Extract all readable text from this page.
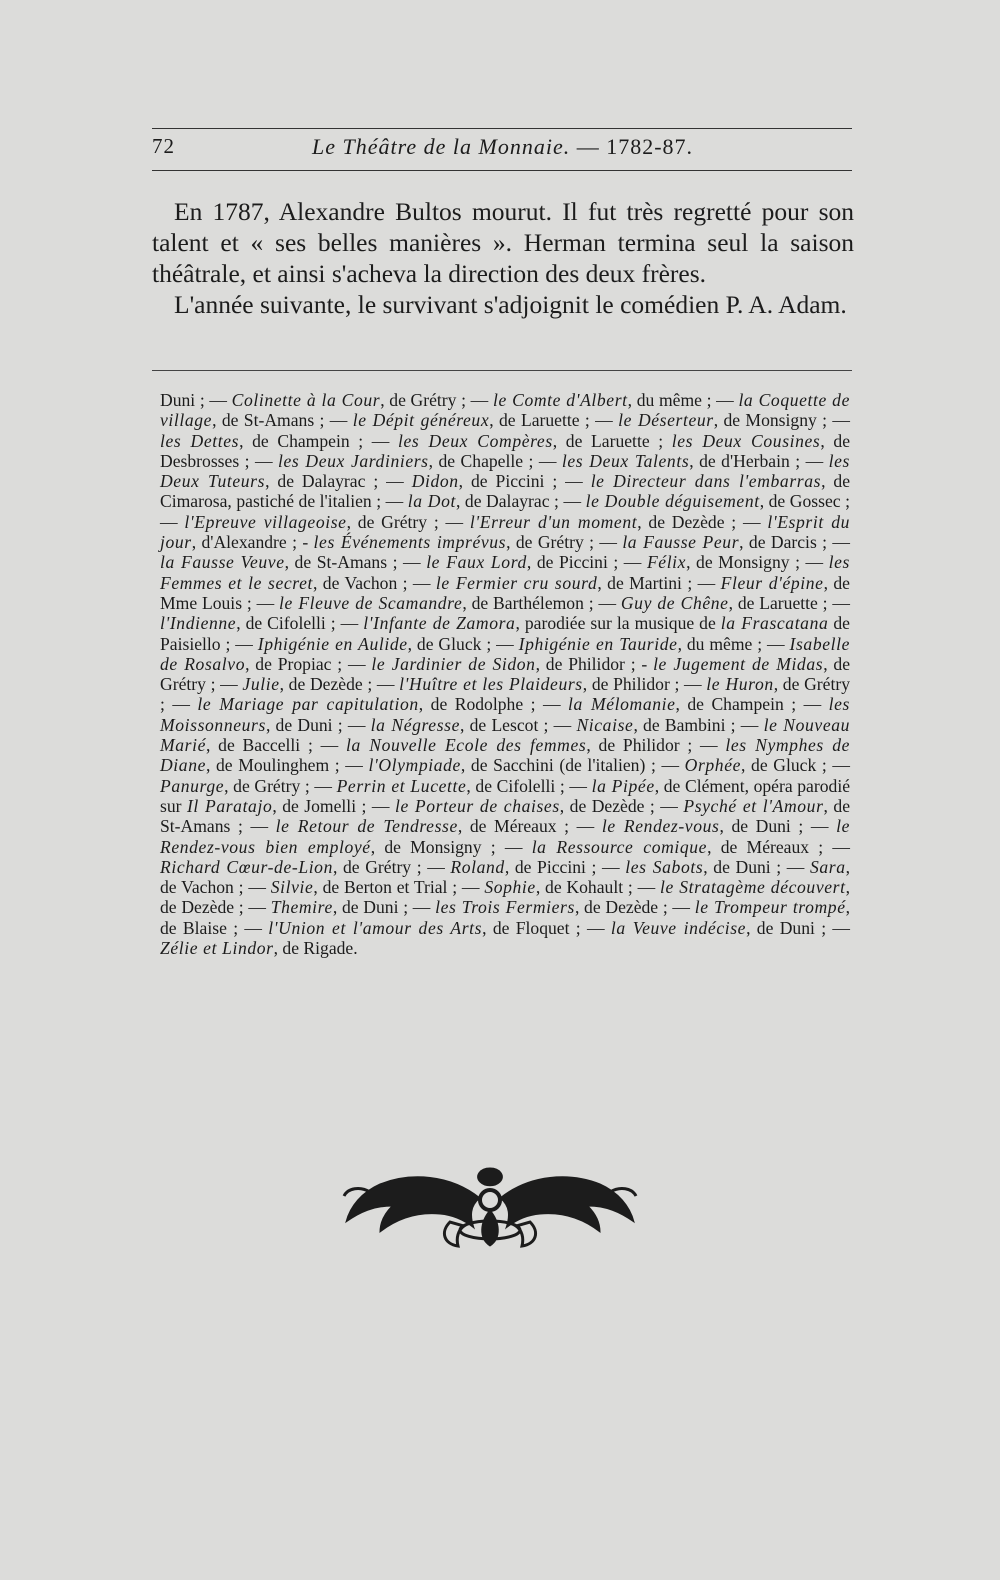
72	Le Théâtre de la Monnaie. — 1782-87.

En 1787, Alexandre Bultos mourut. Il fut très regretté pour son talent et « ses belles manières ». Herman termina seul la saison théâtrale, et ainsi s'acheva la direction des deux frères.

L'année suivante, le survivant s'adjoignit le comédien P. A. Adam.

Duni ; — Colinette à la Cour, de Grétry ; — le Comte d'Albert, du même ; — la Coquette de village, de St-Amans ; — le Dépit généreux, de Laruette ; — le Déserteur, de Monsigny ; — les Dettes, de Champein ; — les Deux Compères, de Laruette ; les Deux Cousines, de Desbrosses ; — les Deux Jardiniers, de Chapelle ; — les Deux Talents, de d'Herbain ; — les Deux Tuteurs, de Dalayrac ; — Didon, de Piccini ; — le Directeur dans l'embarras, de Cimarosa, pastiché de l'italien ; — la Dot, de Dalayrac ; — le Double déguisement, de Gossec ; — l'Epreuve villageoise, de Grétry ; — l'Erreur d'un moment, de Dezède ; — l'Esprit du jour, d'Alexandre ; - les Événements imprévus, de Grétry ; — la Fausse Peur, de Darcis ; — la Fausse Veuve, de St-Amans ; — le Faux Lord, de Piccini ; — Félix, de Monsigny ; — les Femmes et le secret, de Vachon ; — le Fermier cru sourd, de Martini ; — Fleur d'épine, de Mme Louis ; — le Fleuve de Scamandre, de Barthélemon ; — Guy de Chêne, de Laruette ; — l'Indienne, de Cifolelli ; — l'Infante de Zamora, parodiée sur la musique de la Frascatana de Paisiello ; — Iphigénie en Aulide, de Gluck ; — Iphigénie en Tauride, du même ; — Isabelle de Rosalvo, de Propiac ; — le Jardinier de Sidon, de Philidor ; - le Jugement de Midas, de Grétry ; — Julie, de Dezède ; — l'Huître et les Plaideurs, de Philidor ; — le Huron, de Grétry ; — le Mariage par capitulation, de Rodolphe ; — la Mélomanie, de Champein ; — les Moissonneurs, de Duni ; — la Négresse, de Lescot ; — Nicaise, de Bambini ; — le Nouveau Marié, de Baccelli ; — la Nouvelle Ecole des femmes, de Philidor ; — les Nymphes de Diane, de Moulinghem ; — l'Olympiade, de Sacchini (de l'italien) ; — Orphée, de Gluck ; — Panurge, de Grétry ; — Perrin et Lucette, de Cifolelli ; — la Pipée, de Clément, opéra parodié sur Il Paratajo, de Jomelli ; — le Porteur de chaises, de Dezède ; — Psyché et l'Amour, de St-Amans ; — le Retour de Tendresse, de Méreaux ; — le Rendez-vous, de Duni ; — le Rendez-vous bien employé, de Monsigny ; — la Ressource comique, de Méreaux ; — Richard Cœur-de-Lion, de Grétry ; — Roland, de Piccini ; — les Sabots, de Duni ; — Sara, de Vachon ; — Silvie, de Berton et Trial ; — Sophie, de Kohault ; — le Stratagème découvert, de Dezède ; — Themire, de Duni ; — les Trois Fermiers, de Dezède ; — le Trompeur trompé, de Blaise ; — l'Union et l'amour des Arts, de Floquet ; — la Veuve indécise, de Duni ; — Zélie et Lindor, de Rigade.
